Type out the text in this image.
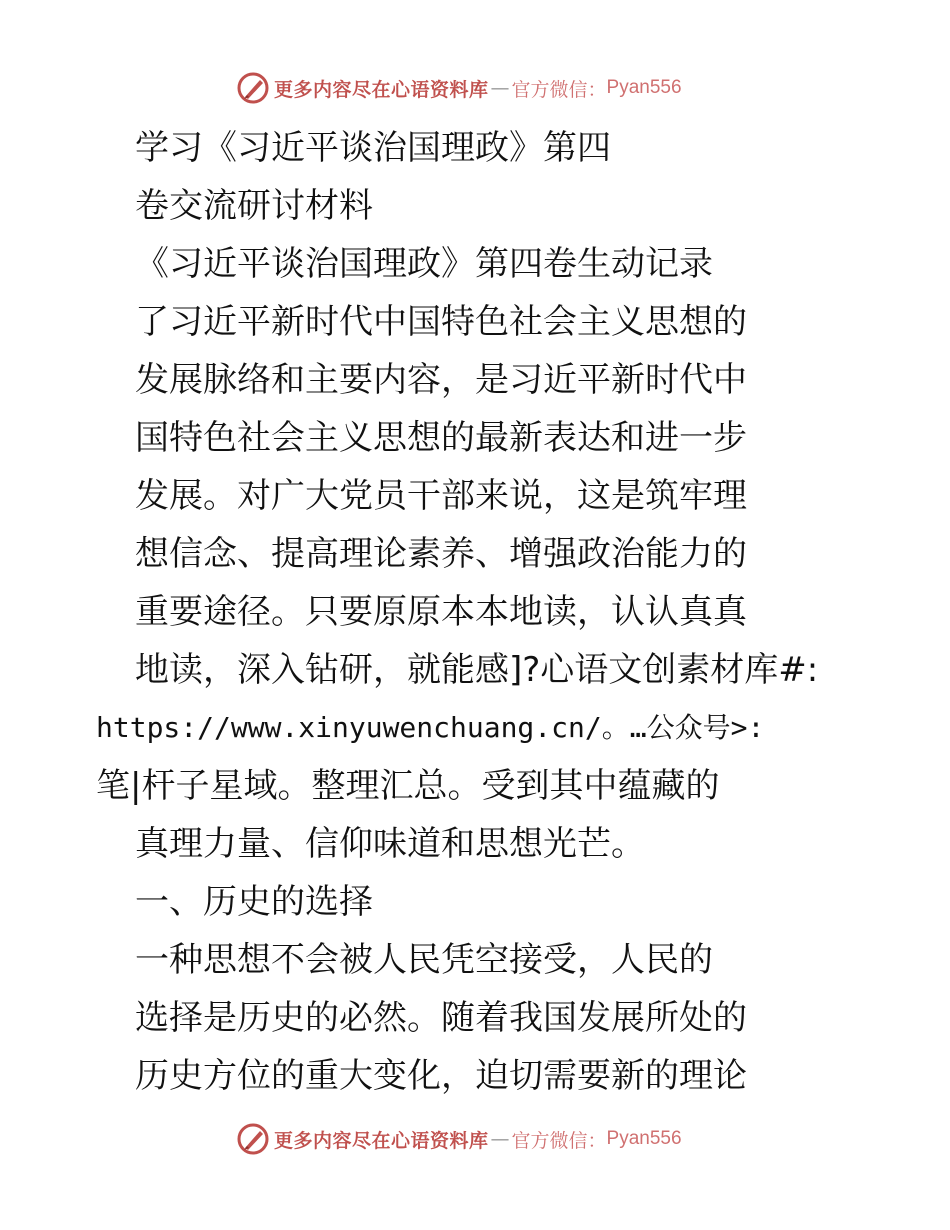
更多内容尽在心语资料库 — 官方微信： Pyan556
学习《习近平谈治国理政》第四
卷交流研讨材料
《习近平谈治国理政》第四卷生动记录
了习近平新时代中国特色社会主义思想的
发展脉络和主要内容，是习近平新时代中
国特色社会主义思想的最新表达和进一步
发展。对广大党员干部来说，这是筑牢理
想信念、提高理论素养、增强政治能力的
重要途径。只要原原本本地读，认认真真
地读，深入钻研，就能感]?心语文创素材库#:
https://www.xinyuwenchuang.cn/。…公众号>:
笔|杆子星域。整理汇总。受到其中蕴藏的
真理力量、信仰味道和思想光芒。
一、历史的选择
一种思想不会被人民凭空接受，人民的
选择是历史的必然。随着我国发展所处的
历史方位的重大变化，迫切需要新的理论
更多内容尽在心语资料库 — 官方微信： Pyan556
